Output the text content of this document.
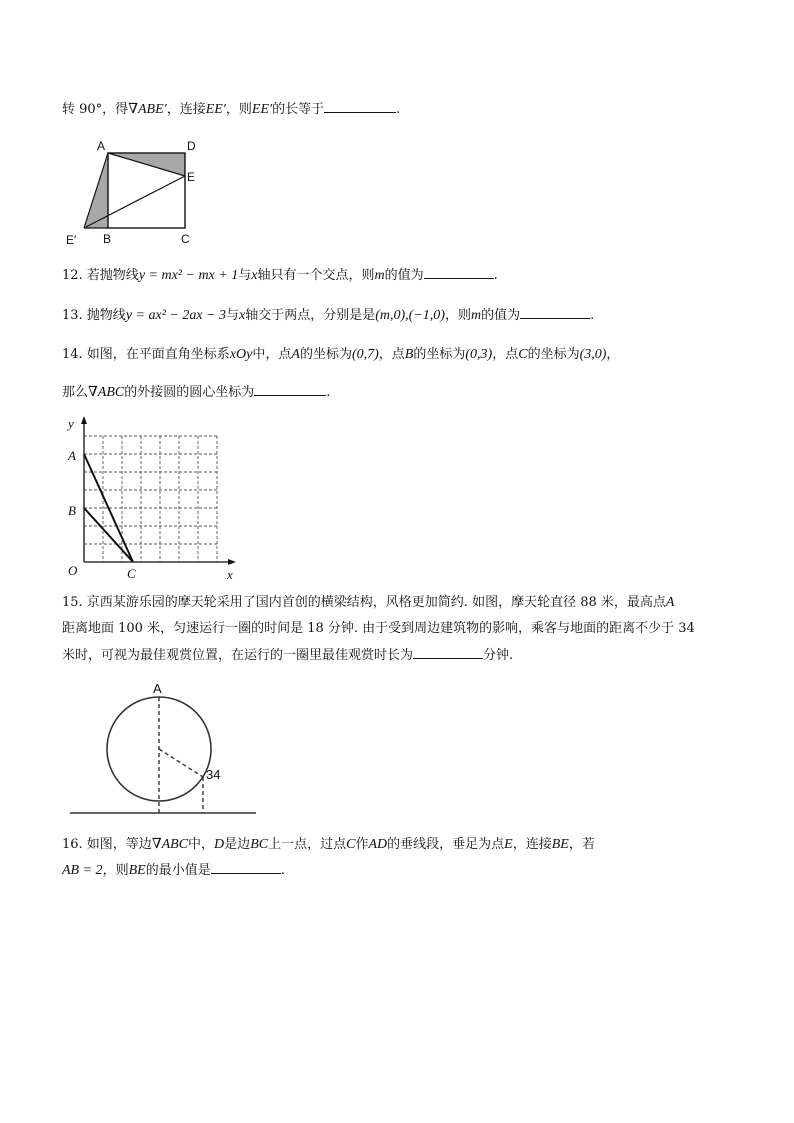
转 90°，得∇ABE′，连接EE′，则EE′的长等于	.
A	D
E
E′ B	C
12. 若抛物线y = mx² − mx + 1与x轴只有一个交点，则m的值为	.
13. 抛物线y = ax² − 2ax − 3与x轴交于两点，分别是是(m,0),(−1,0)，则m的值为	.
14. 如图，在平面直角坐标系xOy中，点A的坐标为(0,7)，点B的坐标为(0,3)，点C的坐标为(3,0)，
那么∇ABC的外接圆的圆心坐标为	.
y
x
O
A
B
C
15. 京西某游乐园的摩天轮采用了国内首创的横梁结构，风格更加简约. 如图，摩天轮直径 88 米，最高点A
距离地面 100 米，匀速运行一圈的时间是 18 分钟. 由于受到周边建筑物的影响，乘客与地面的距离不少于 34
米时，可视为最佳观赏位置，在运行的一圈里最佳观赏时长为	分钟.
A
34
16. 如图，等边∇ABC中，D是边BC上一点，过点C作AD的垂线段，垂足为点E，连接BE，若
AB = 2，则BE的最小值是	.
